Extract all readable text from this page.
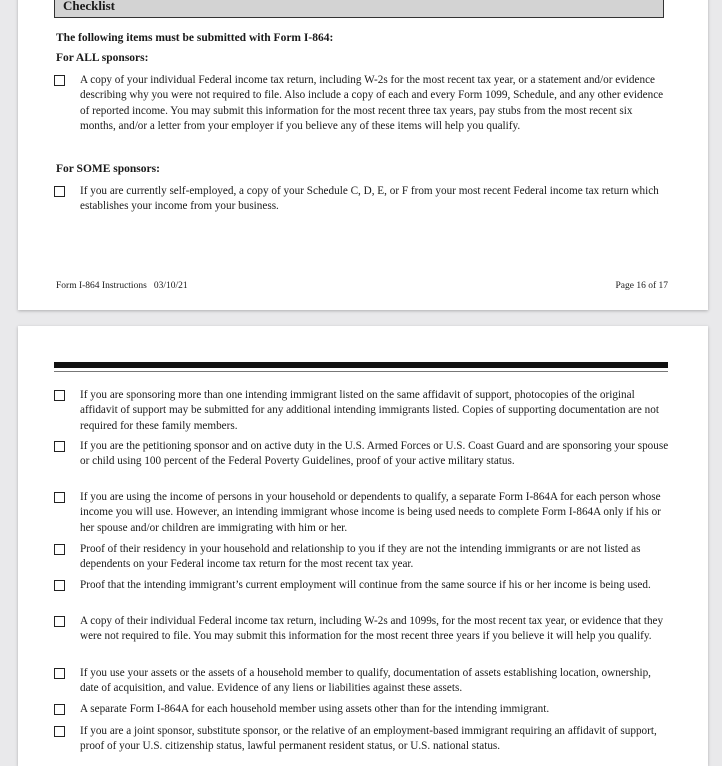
Checklist
The following items must be submitted with Form I-864:
For ALL sponsors:
A copy of your individual Federal income tax return, including W-2s for the most recent tax year, or a statement and/or evidence describing why you were not required to file. Also include a copy of each and every Form 1099, Schedule, and any other evidence of reported income. You may submit this information for the most recent three tax years, pay stubs from the most recent six months, and/or a letter from your employer if you believe any of these items will help you qualify.
For SOME sponsors:
If you are currently self-employed, a copy of your Schedule C, D, E, or F from your most recent Federal income tax return which establishes your income from your business.
Form I-864 Instructions   03/10/21	Page 16 of 17
If you are sponsoring more than one intending immigrant listed on the same affidavit of support, photocopies of the original affidavit of support may be submitted for any additional intending immigrants listed. Copies of supporting documentation are not required for these family members.
If you are the petitioning sponsor and on active duty in the U.S. Armed Forces or U.S. Coast Guard and are sponsoring your spouse or child using 100 percent of the Federal Poverty Guidelines, proof of your active military status.
If you are using the income of persons in your household or dependents to qualify, a separate Form I-864A for each person whose income you will use. However, an intending immigrant whose income is being used needs to complete Form I-864A only if his or her spouse and/or children are immigrating with him or her.
Proof of their residency in your household and relationship to you if they are not the intending immigrants or are not listed as dependents on your Federal income tax return for the most recent tax year.
Proof that the intending immigrant’s current employment will continue from the same source if his or her income is being used.
A copy of their individual Federal income tax return, including W-2s and 1099s, for the most recent tax year, or evidence that they were not required to file. You may submit this information for the most recent three years if you believe it will help you qualify.
If you use your assets or the assets of a household member to qualify, documentation of assets establishing location, ownership, date of acquisition, and value. Evidence of any liens or liabilities against these assets.
A separate Form I-864A for each household member using assets other than for the intending immigrant.
If you are a joint sponsor, substitute sponsor, or the relative of an employment-based immigrant requiring an affidavit of support, proof of your U.S. citizenship status, lawful permanent resident status, or U.S. national status.
